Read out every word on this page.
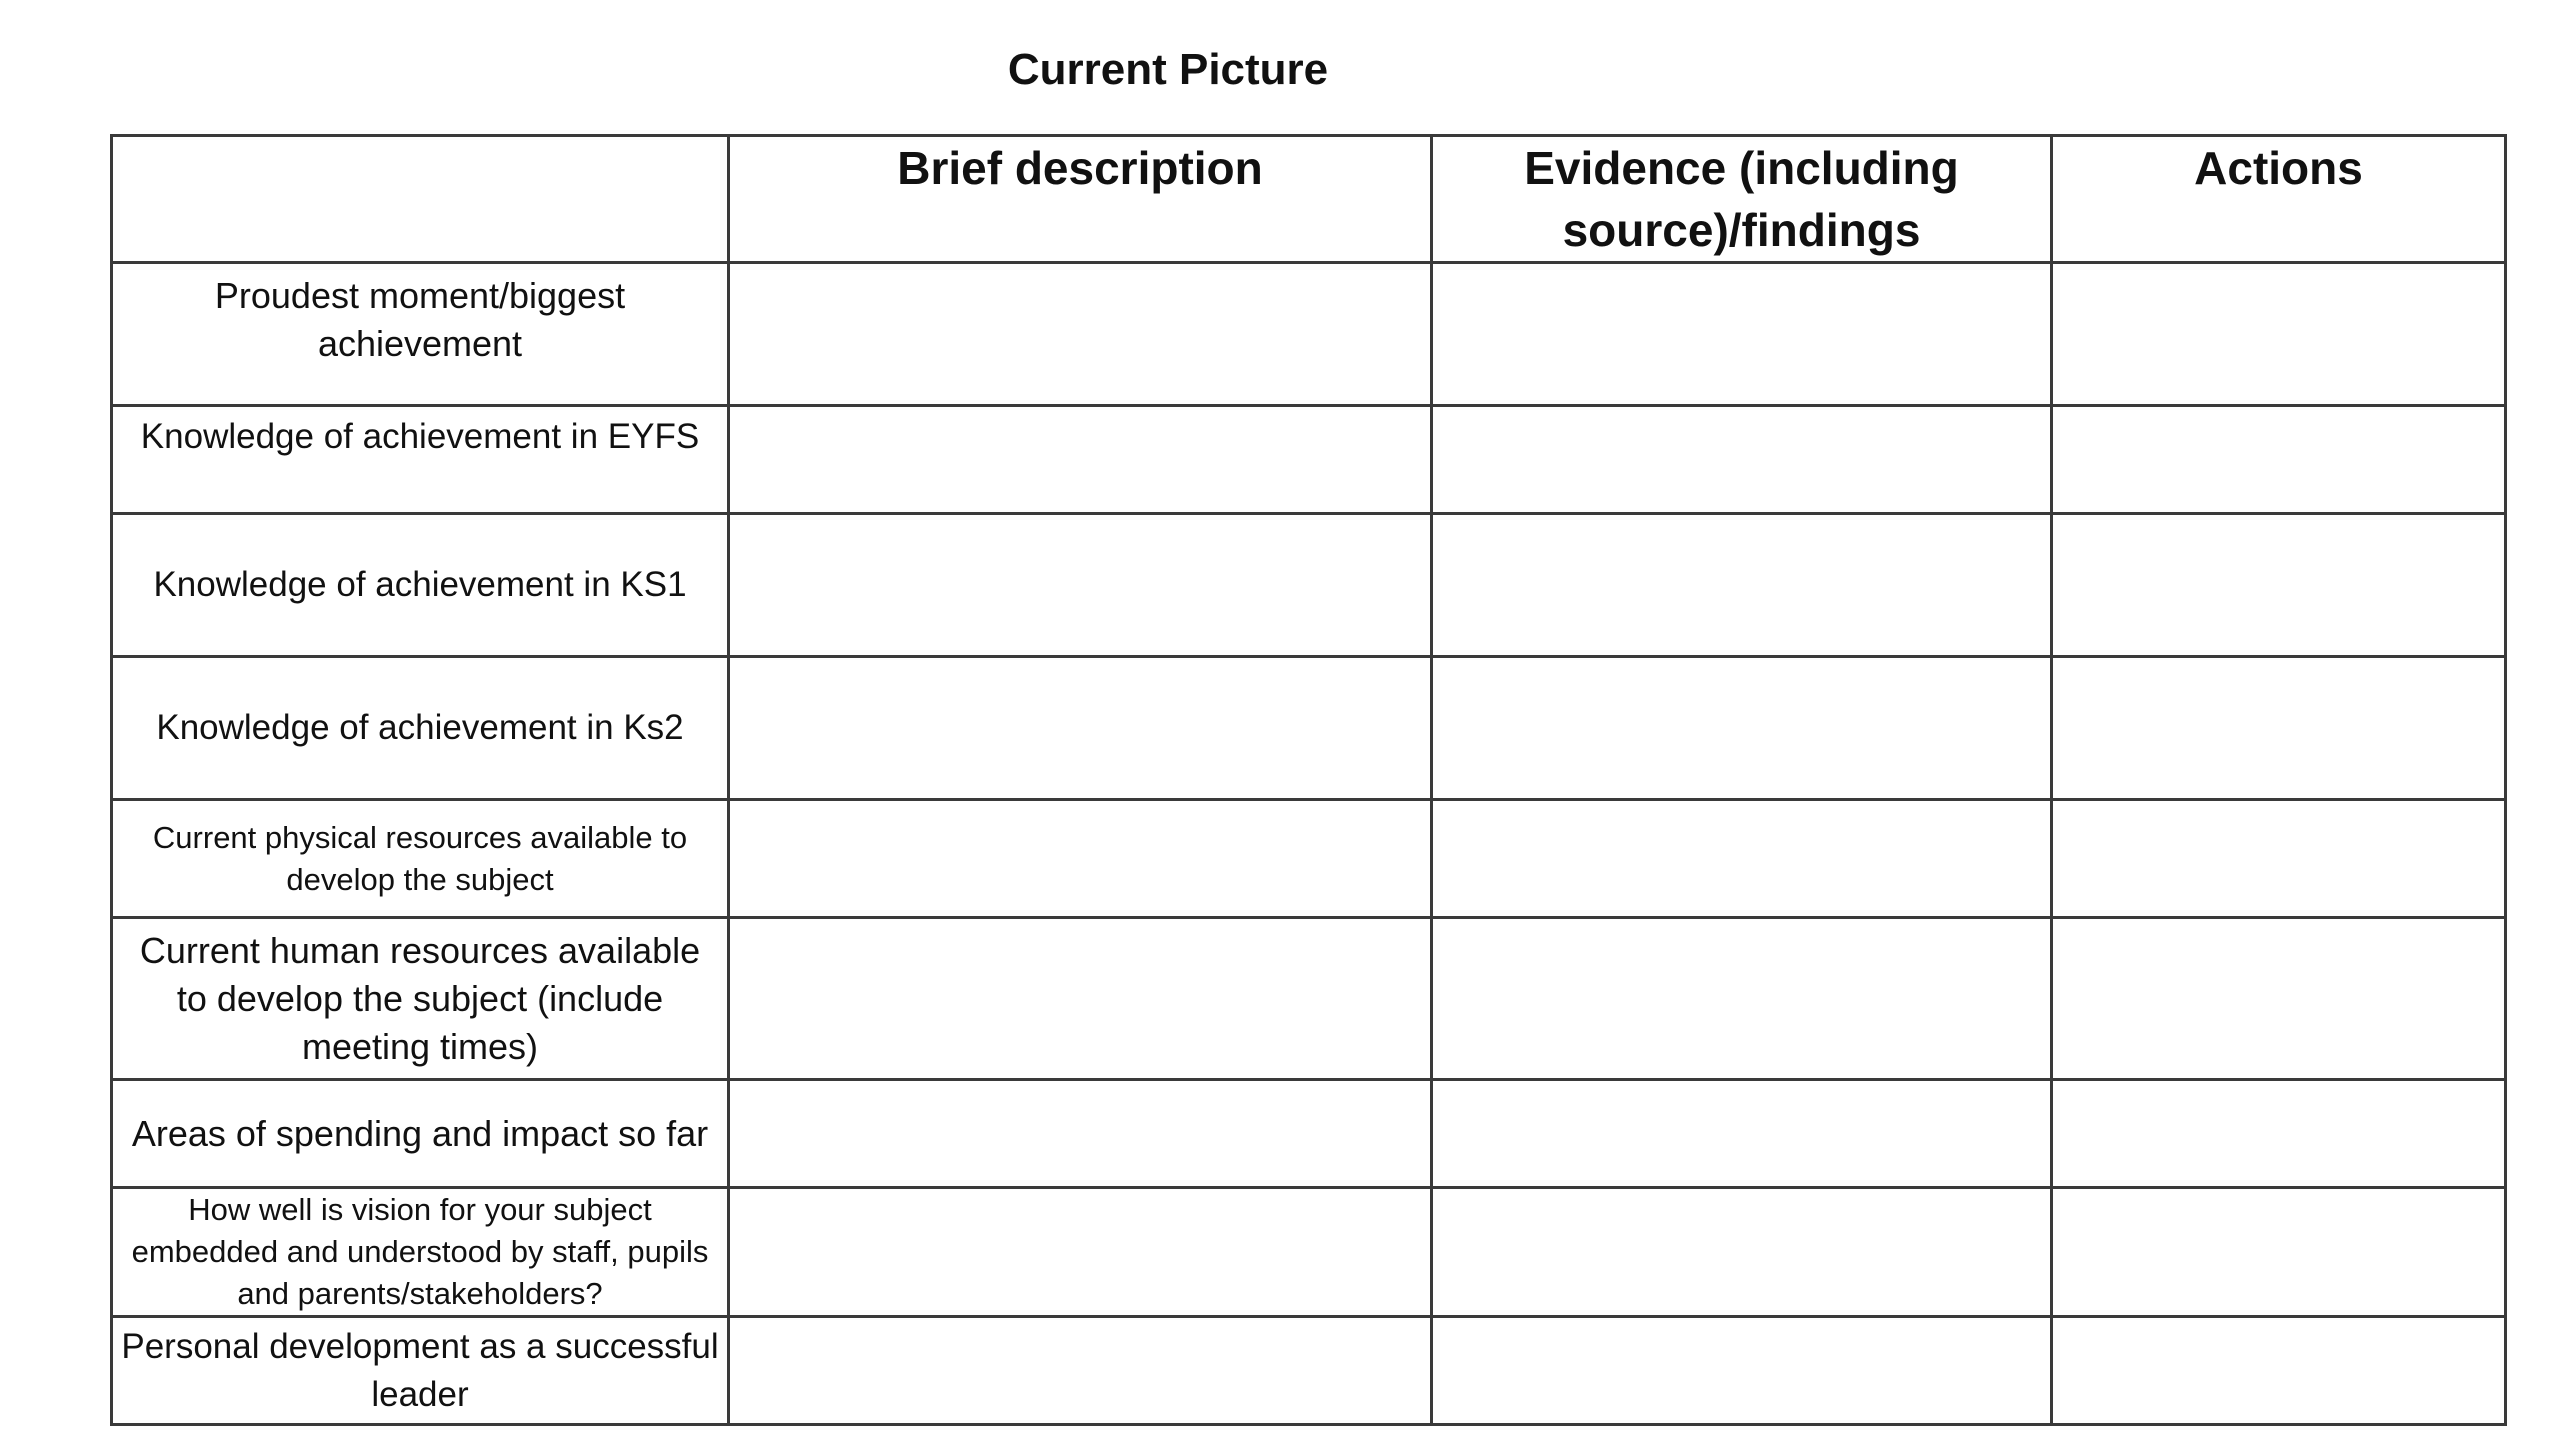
Current Picture
	Brief description	Evidence (including source)/findings	Actions
Proudest moment/biggest achievement			
Knowledge of achievement in EYFS			
Knowledge of achievement in KS1			
Knowledge of achievement in Ks2			
Current physical resources available to develop the subject			
Current human resources available to develop the subject (include meeting times)			
Areas of spending and impact so far			
How well is vision for your subject embedded and understood by staff, pupils and parents/stakeholders?			
Personal development as a successful leader			
